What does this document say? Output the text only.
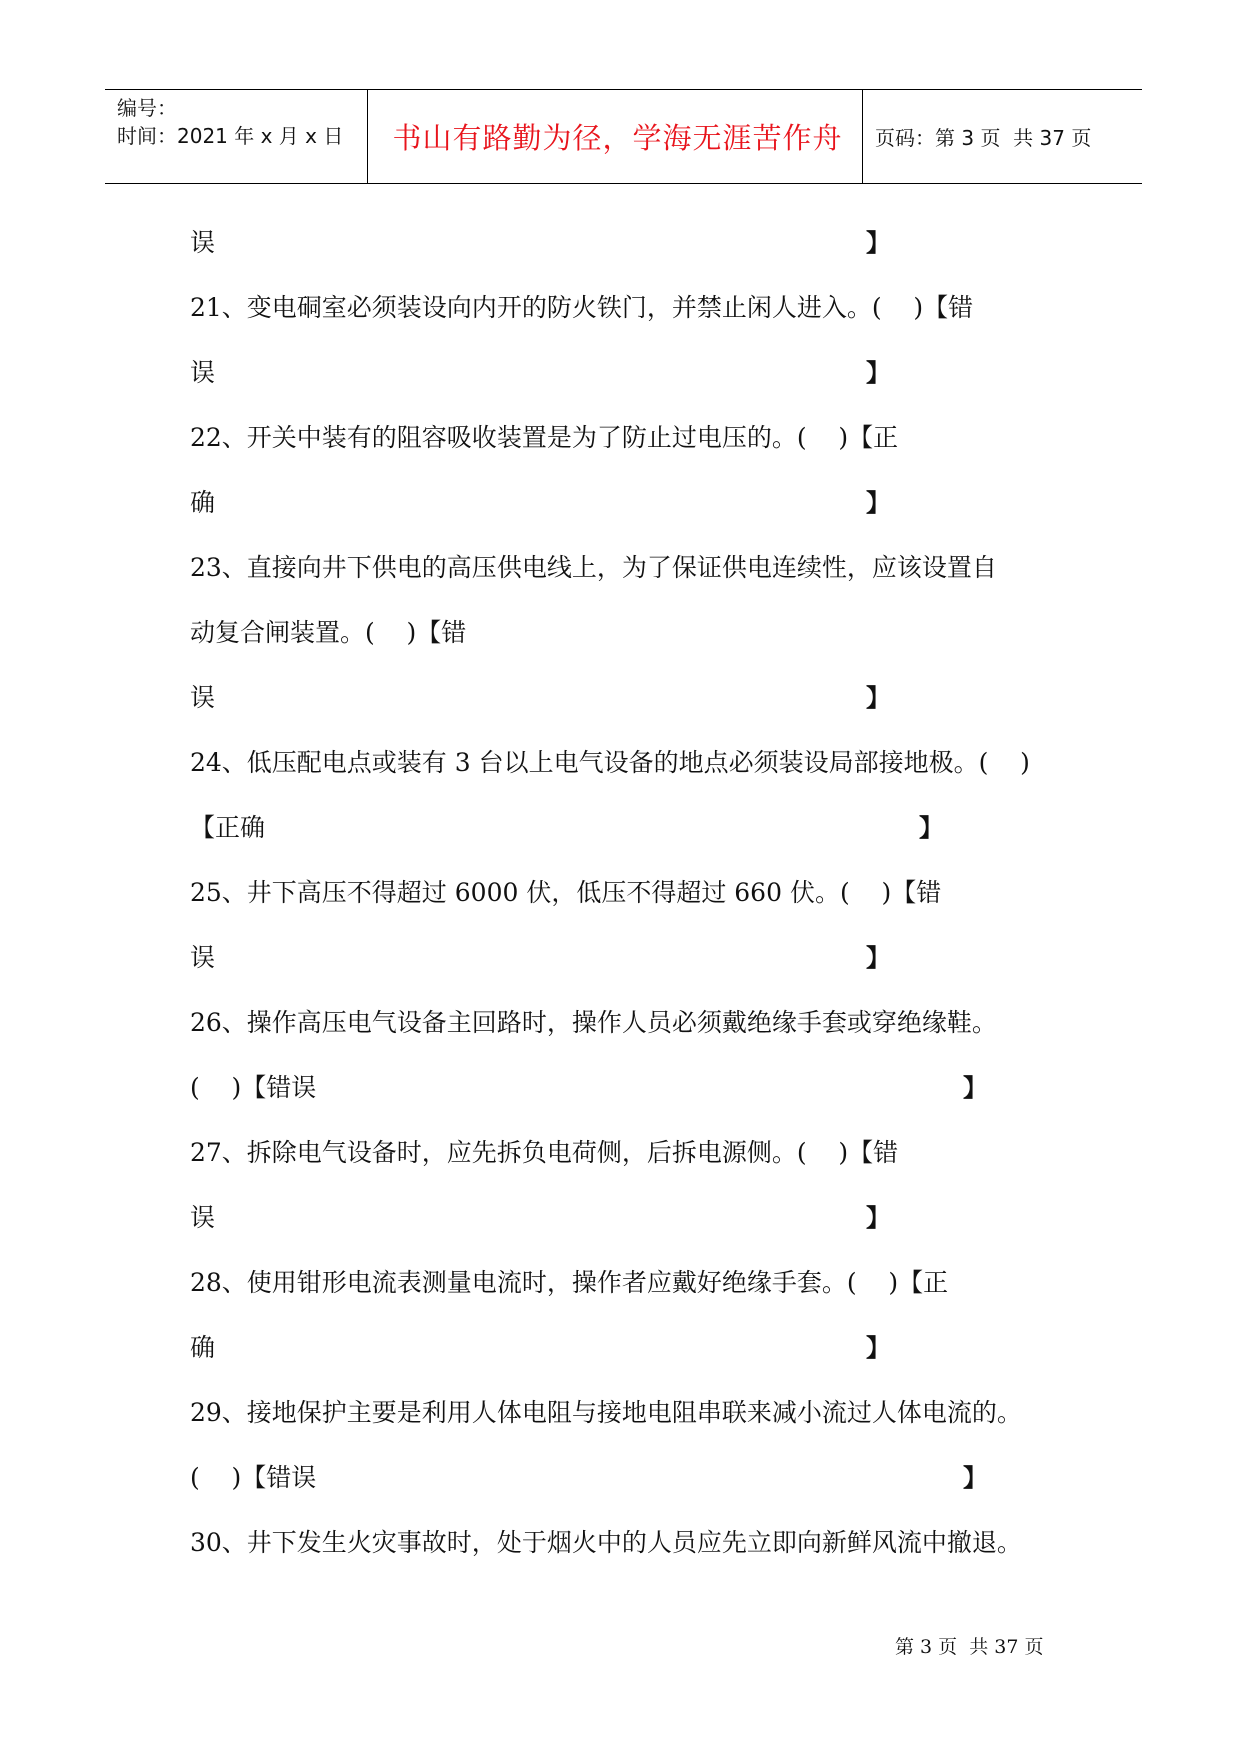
编号：
时间：2021 年 x 月 x 日	书山有路勤为径，学海无涯苦作舟	页码：第 3 页  共 37 页
误	】
21、变电硐室必须装设向内开的防火铁门，并禁止闲人进入。(    )【错
误	】
22、开关中装有的阻容吸收装置是为了防止过电压的。(    )【正
确	】
23、直接向井下供电的高压供电线上，为了保证供电连续性，应该设置自
动复合闸装置。(    )【错
误	】
24、低压配电点或装有 3 台以上电气设备的地点必须装设局部接地极。(    )
【正确	】
25、井下高压不得超过 6000 伏，低压不得超过 660 伏。(    )【错
误	】
26、操作高压电气设备主回路时，操作人员必须戴绝缘手套或穿绝缘鞋。
(    )【错误	】
27、拆除电气设备时，应先拆负电荷侧，后拆电源侧。(    )【错
误	】
28、使用钳形电流表测量电流时，操作者应戴好绝缘手套。(    )【正
确	】
29、接地保护主要是利用人体电阻与接地电阻串联来减小流过人体电流的。
(    )【错误	】
30、井下发生火灾事故时，处于烟火中的人员应先立即向新鲜风流中撤退。
第 3 页  共 37 页
